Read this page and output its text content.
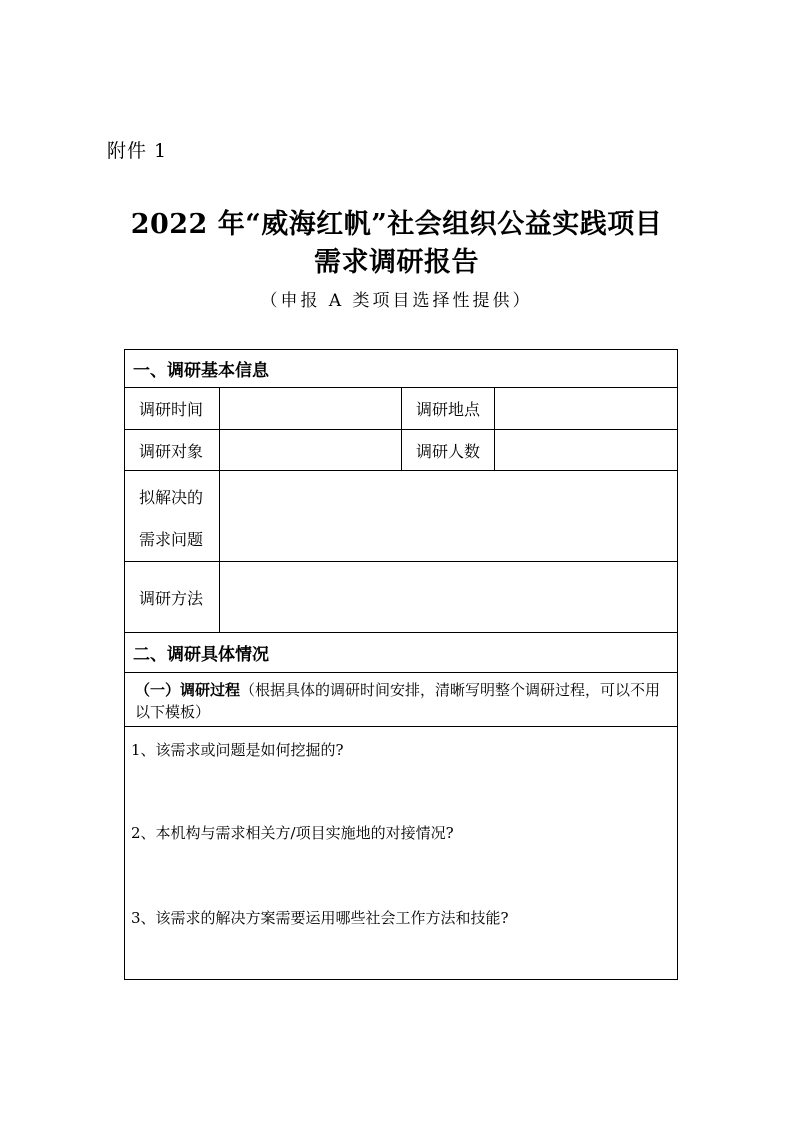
附件 1
2022 年“威海红帆”社会组织公益实践项目
需求调研报告
（申报 A 类项目选择性提供）
一、调研基本信息
调研时间	调研地点
调研对象	调研人数
拟解决的
需求问题
调研方法
二、调研具体情况
（一）调研过程（根据具体的调研时间安排，清晰写明整个调研过程，可以不用以下模板）
1、该需求或问题是如何挖掘的?
2、本机构与需求相关方/项目实施地的对接情况?
3、该需求的解决方案需要运用哪些社会工作方法和技能?
